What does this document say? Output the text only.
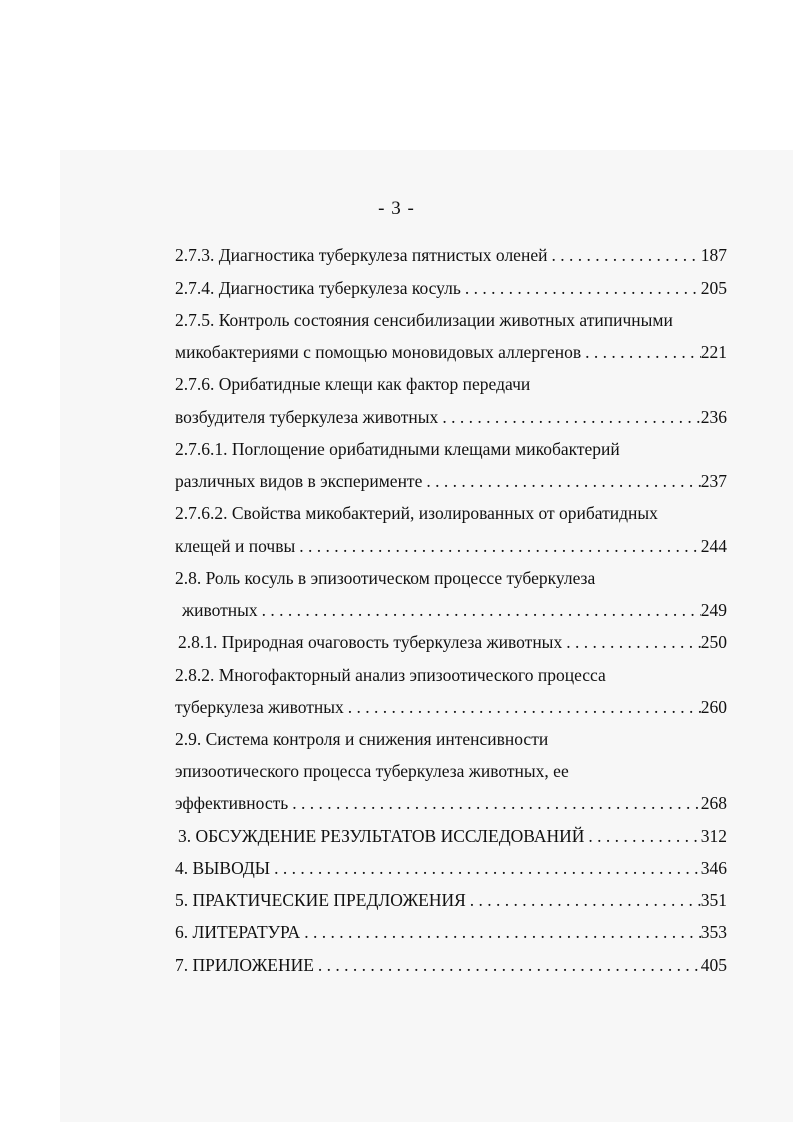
- 3 -
2.7.3. Диагностика туберкулеза пятнистых оленей . . .	187
2.7.4. Диагностика туберкулеза косуль . . .	205
2.7.5. Контроль состояния сенсибилизации животных атипичными
микобактериями с помощью моновидовых аллергенов . . .	221
2.7.6. Орибатидные клещи как фактор передачи
возбудителя туберкулеза животных . . .	236
2.7.6.1. Поглощение орибатидными клещами микобактерий
различных видов в эксперименте . . .	237
2.7.6.2. Свойства микобактерий, изолированных от орибатидных
клещей и почвы . . .	244
2.8. Роль косуль в эпизоотическом процессе туберкулеза
животных . . .	249
2.8.1. Природная очаговость туберкулеза животных . . .	250
2.8.2. Многофакторный анализ эпизоотического процесса
туберкулеза животных . . .	260
2.9. Система контроля и снижения интенсивности
эпизоотического процесса туберкулеза животных, ее
эффективность . . .	268
3. ОБСУЖДЕНИЕ РЕЗУЛЬТАТОВ ИССЛЕДОВАНИЙ . . .	312
4. ВЫВОДЫ . . .	346
5. ПРАКТИЧЕСКИЕ ПРЕДЛОЖЕНИЯ . . .	351
6. ЛИТЕРАТУРА . . .	353
7. ПРИЛОЖЕНИЕ . . .	405
